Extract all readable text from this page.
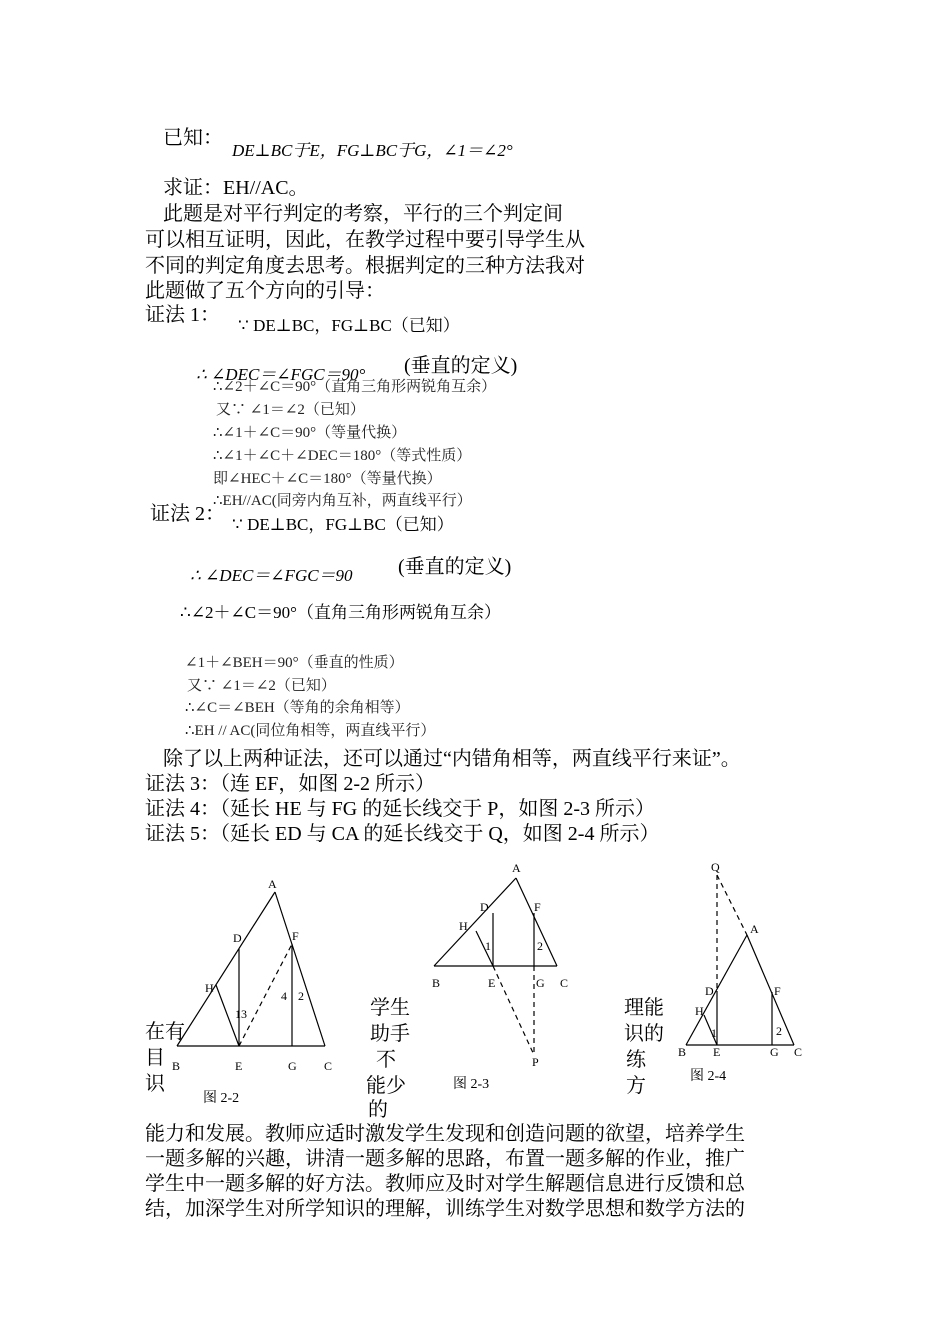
已知：
DE⊥BC于E，FG⊥BC于G，∠1＝∠2°
求证：EH//AC。
此题是对平行判定的考察，平行的三个判定间
可以相互证明，因此，在教学过程中要引导学生从
不同的判定角度去思考。根据判定的三种方法我对
此题做了五个方向的引导：
证法 1： ∵ DE⊥BC，FG⊥BC（已知）
∴ ∠DEC＝∠FGC＝90° (垂直的定义)
∴∠2＋∠C＝90°（直角三角形两锐角互余）
又∵ ∠1＝∠2（已知）
∴∠1＋∠C＝90°（等量代换）
∴∠1＋∠C＋∠DEC＝180°（等式性质）
即∠HEC＋∠C＝180°（等量代换）
∴EH//AC(同旁内角互补，两直线平行）
证法 2： ∵ DE⊥BC，FG⊥BC（已知）
∴ ∠DEC＝∠FGC＝90 (垂直的定义)
∴∠2＋∠C＝90°（直角三角形两锐角互余）
∠1＋∠BEH＝90°（垂直的性质）
又∵ ∠1＝∠2（已知）
∴∠C＝∠BEH（等角的余角相等）
∴EH // AC(同位角相等，两直线平行）
除了以上两种证法，还可以通过“内错角相等，两直线平行来证”。
证法 3：（连 EF，如图 2-2 所示）
证法 4：（延长 HE 与 FG 的延长线交于 P，如图 2-3 所示）
证法 5：（延长 ED 与 CA 的延长线交于 Q，如图 2-4 所示）
在有
目
识
学生
助手
不
能少
的
理能
识的
练
方
A
D	F
H
13
4 2
B	E	G C
图 2-2
A
D	F
H
1	2
B	E	G C
P
图 2-3
Q
A
D	F
H
1	2
B E	G C
图 2-4
能力和发展。教师应适时激发学生发现和创造问题的欲望，培养学生
一题多解的兴趣，讲清一题多解的思路，布置一题多解的作业，推广
学生中一题多解的好方法。教师应及时对学生解题信息进行反馈和总
结，加深学生对所学知识的理解，训练学生对数学思想和数学方法的
